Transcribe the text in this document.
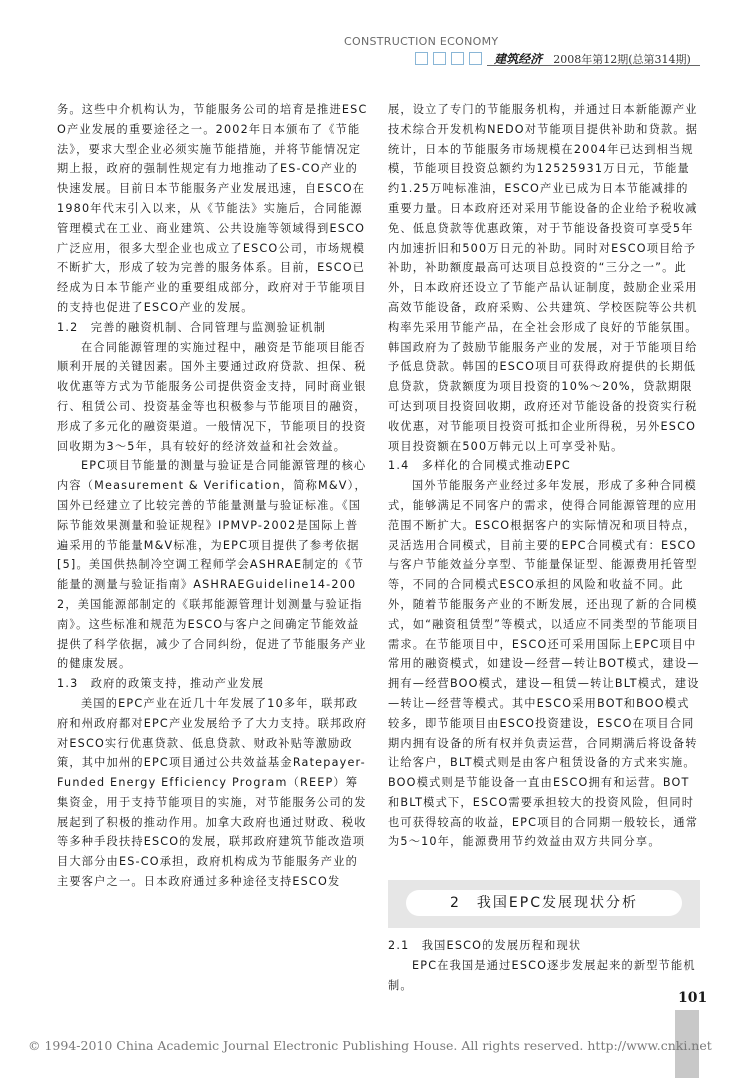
CONSTRUCTION ECONOMY
建筑经济 2008年第12期(总第314期)

务。这些中介机构认为，节能服务公司的培育是推进ESCO产业发展的重要途径之一。2002年日本颁布了《节能法》，要求大型企业必须实施节能措施，并将节能情况定期上报，政府的强制性规定有力地推动了ES-CO产业的快速发展。目前日本节能服务产业发展迅速，自ESCO在1980年代末引入以来，从《节能法》实施后，合同能源管理模式在工业、商业建筑、公共设施等领域得到ESCO广泛应用，很多大型企业也成立了ESCO公司，市场规模不断扩大，形成了较为完善的服务体系。目前，ESCO已经成为日本节能产业的重要组成部分，政府对于节能项目的支持也促进了ESCO产业的发展。

1.2　完善的融资机制、合同管理与监测验证机制

在合同能源管理的实施过程中，融资是节能项目能否顺利开展的关键因素。国外主要通过政府贷款、担保、税收优惠等方式为节能服务公司提供资金支持，同时商业银行、租赁公司、投资基金等也积极参与节能项目的融资，形成了多元化的融资渠道。一般情况下，节能项目的投资回收期为3～5年，具有较好的经济效益和社会效益。

EPC项目节能量的测量与验证是合同能源管理的核心内容（Measurement & Verification，简称M&V），国外已经建立了比较完善的节能量测量与验证标准。《国际节能效果测量和验证规程》IPMVP-2002是国际上普遍采用的节能量M&V标准，为EPC项目提供了参考依据[5]。美国供热制冷空调工程师学会ASHRAE制定的《节能量的测量与验证指南》ASHRAEGuideline14-2002，美国能源部制定的《联邦能源管理计划测量与验证指南》。这些标准和规范为ESCO与客户之间确定节能效益提供了科学依据，减少了合同纠纷，促进了节能服务产业的健康发展。

1.3　政府的政策支持，推动产业发展

美国的EPC产业在近几十年发展了10多年，联邦政府和州政府都对EPC产业发展给予了大力支持。联邦政府对ESCO实行优惠贷款、低息贷款、财政补贴等激励政策，其中加州的EPC项目通过公共效益基金Ratepayer-Funded Energy Efficiency Program（REEP）筹集资金，用于支持节能项目的实施，对节能服务公司的发展起到了积极的推动作用。加拿大政府也通过财政、税收等多种手段扶持ESCO的发展，联邦政府建筑节能改造项目大部分由ES-CO承担，政府机构成为节能服务产业的主要客户之一。日本政府通过多种途径支持ESCO发

展，设立了专门的节能服务机构，并通过日本新能源产业技术综合开发机构NEDO对节能项目提供补助和贷款。据统计，日本的节能服务市场规模在2004年已达到相当规模，节能项目投资总额约为12525931万日元，节能量约1.25万吨标准油，ESCO产业已成为日本节能减排的重要力量。日本政府还对采用节能设备的企业给予税收减免、低息贷款等优惠政策，对于节能设备投资可享受5年内加速折旧和500万日元的补助。同时对ESCO项目给予补助，补助额度最高可达项目总投资的“三分之一”。此外，日本政府还设立了节能产品认证制度，鼓励企业采用高效节能设备，政府采购、公共建筑、学校医院等公共机构率先采用节能产品，在全社会形成了良好的节能氛围。韩国政府为了鼓励节能服务产业的发展，对于节能项目给予低息贷款。韩国的ESCO项目可获得政府提供的长期低息贷款，贷款额度为项目投资的10%～20%，贷款期限可达到项目投资回收期，政府还对节能设备的投资实行税收优惠，对节能项目投资可抵扣企业所得税，另外ESCO项目投资额在500万韩元以上可享受补贴。

1.4　多样化的合同模式推动EPC

国外节能服务产业经过多年发展，形成了多种合同模式，能够满足不同客户的需求，使得合同能源管理的应用范围不断扩大。ESCO根据客户的实际情况和项目特点，灵活选用合同模式，目前主要的EPC合同模式有：ESCO与客户节能效益分享型、节能量保证型、能源费用托管型等，不同的合同模式ESCO承担的风险和收益不同。此外，随着节能服务产业的不断发展，还出现了新的合同模式，如“融资租赁型”等模式，以适应不同类型的节能项目需求。在节能项目中，ESCO还可采用国际上EPC项目中常用的融资模式，如建设—经营—转让BOT模式，建设—拥有—经营BOO模式，建设—租赁—转让BLT模式，建设—转让—经营等模式。其中ESCO采用BOT和BOO模式较多，即节能项目由ESCO投资建设，ESCO在项目合同期内拥有设备的所有权并负责运营，合同期满后将设备转让给客户，BLT模式则是由客户租赁设备的方式来实施。BOO模式则是节能设备一直由ESCO拥有和运营。BOT和BLT模式下，ESCO需要承担较大的投资风险，但同时也可获得较高的收益，EPC项目的合同期一般较长，通常为5～10年，能源费用节约效益由双方共同分享。

2　我国EPC发展现状分析
2.1　我国ESCO的发展历程和现状

EPC在我国是通过ESCO逐步发展起来的新型节能机制。

101
© 1994-2010 China Academic Journal Electronic Publishing House. All rights reserved. http://www.cnki.net
